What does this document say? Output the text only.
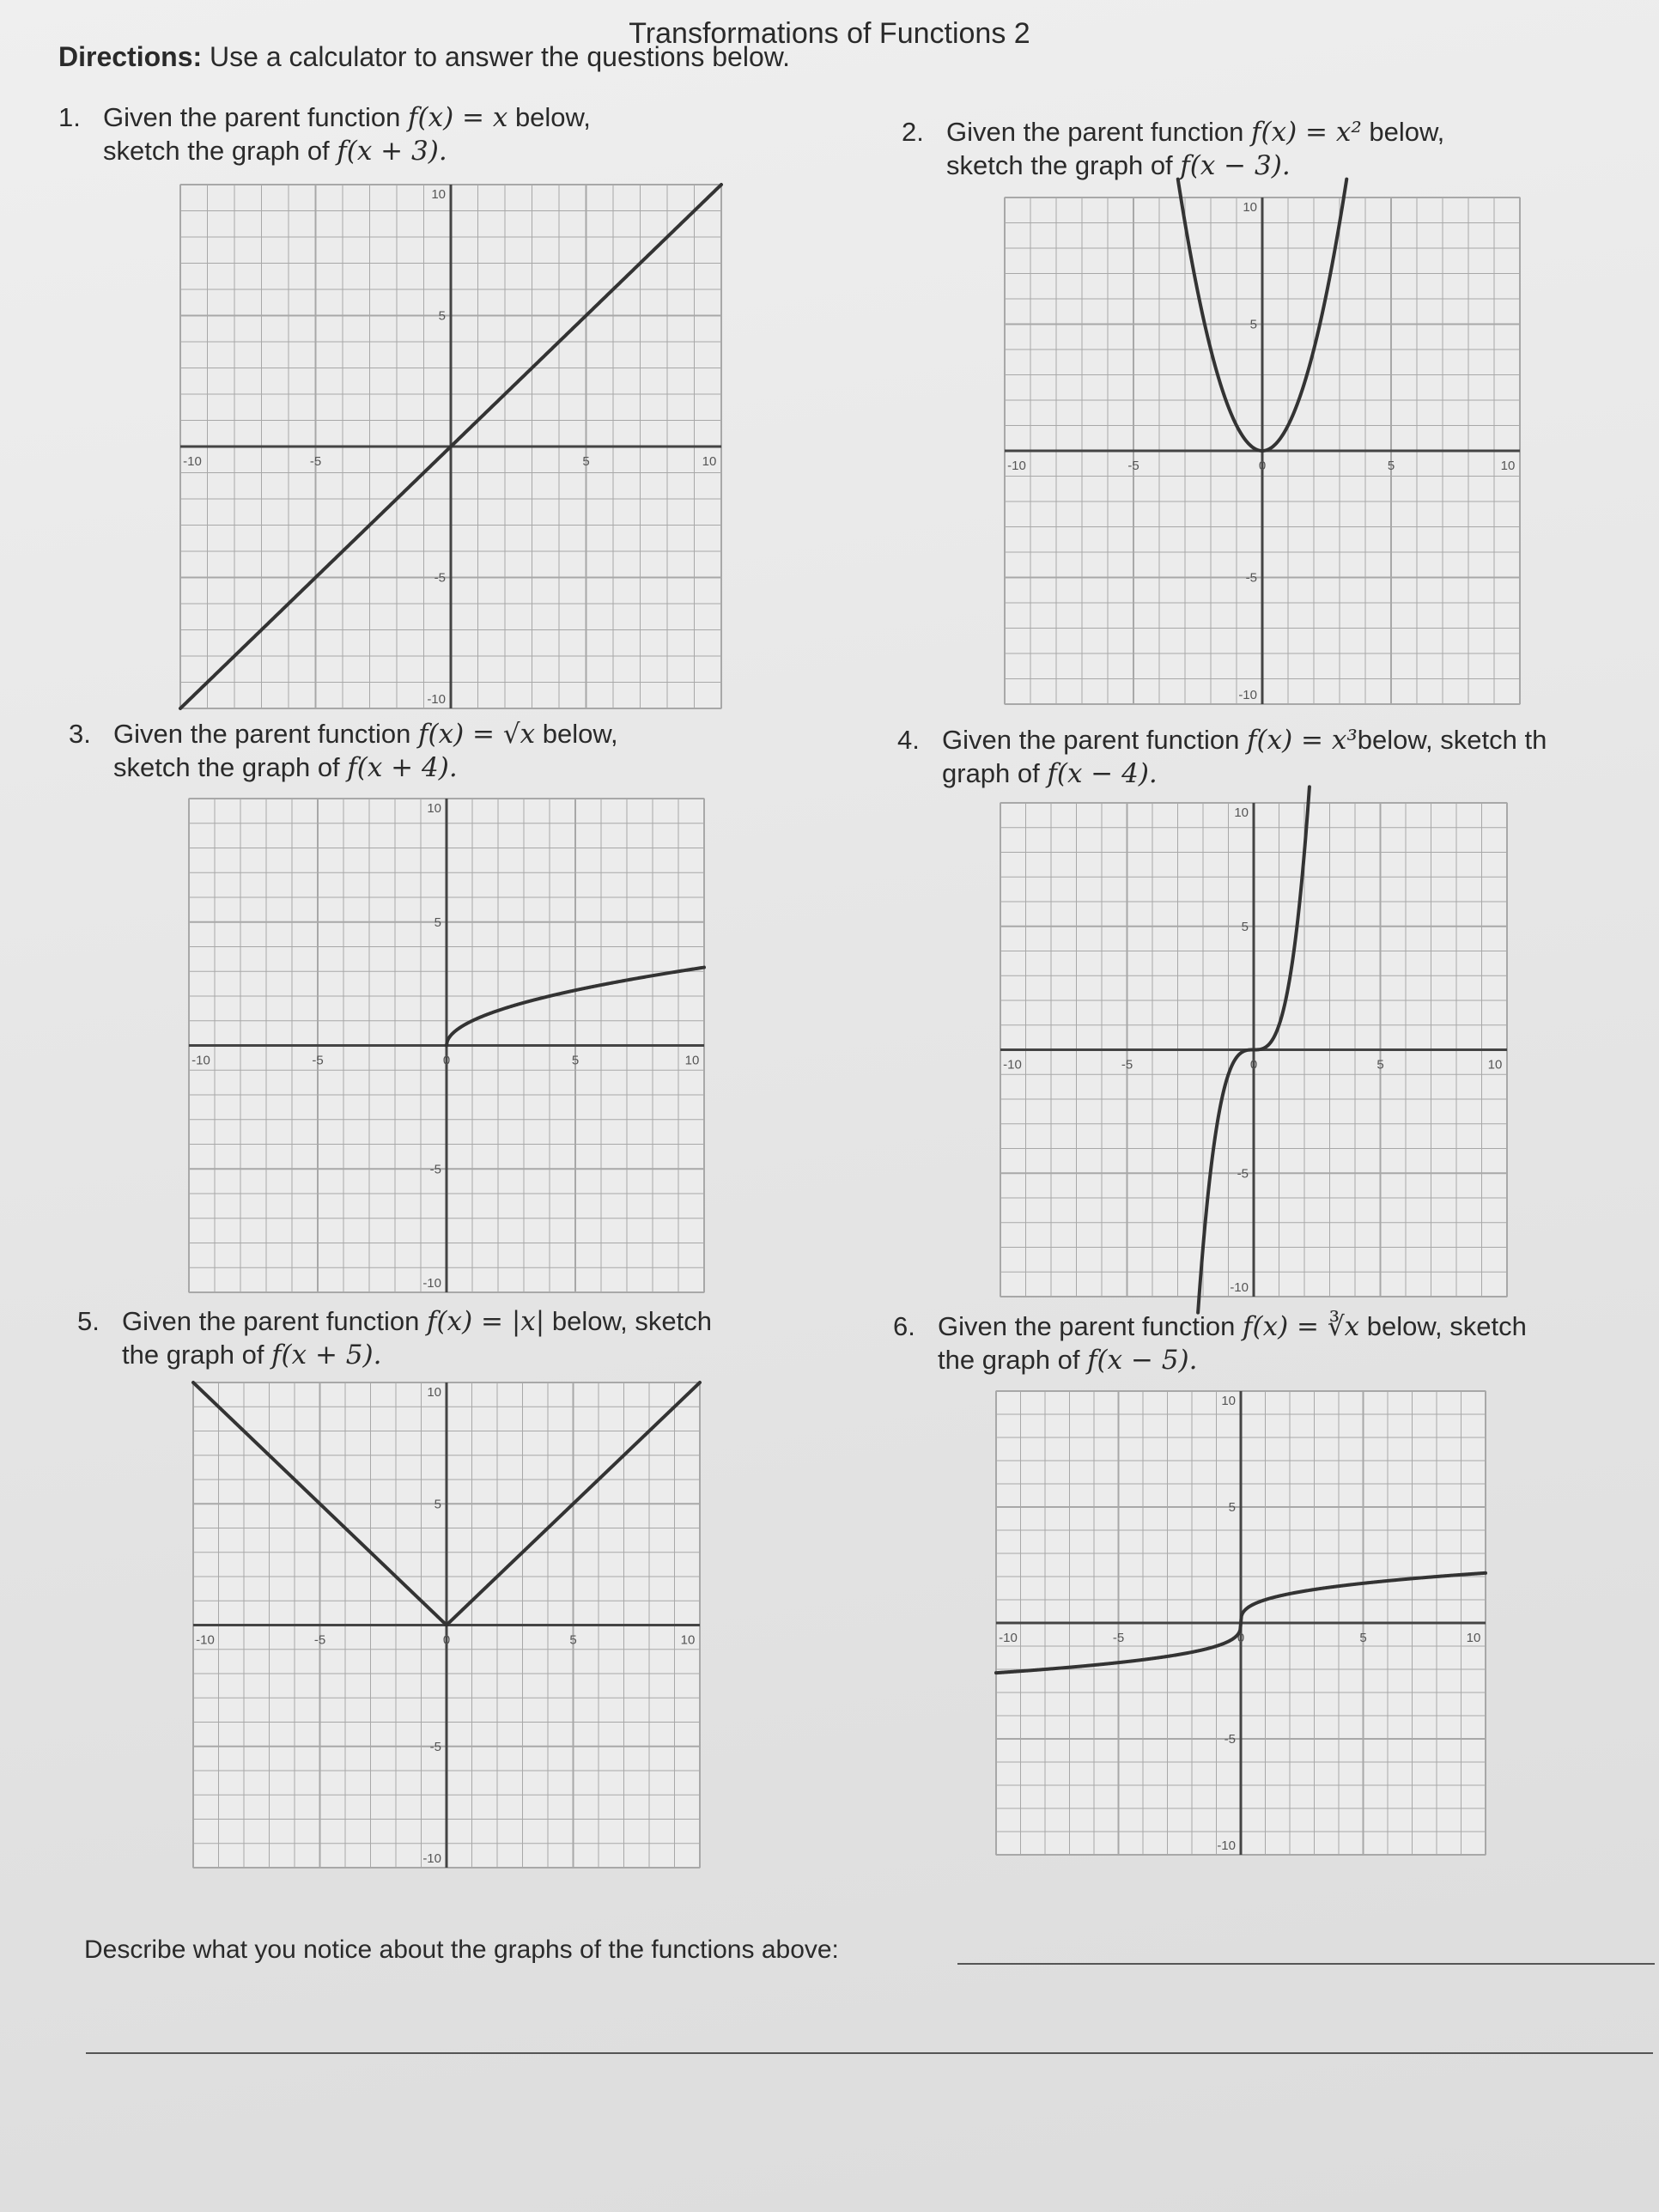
Transformations of Functions 2
Directions: Use a calculator to answer the questions below.
1. Given the parent function f(x) = x below,
sketch the graph of f(x + 3).
2. Given the parent function f(x) = x² below,
sketch the graph of f(x − 3).
3. Given the parent function f(x) = √x below,
sketch the graph of f(x + 4).
4. Given the parent function f(x) = x³below, sketch th
graph of f(x − 4).
5. Given the parent function f(x) = |x| below, sketch
the graph of f(x + 5).
6. Given the parent function f(x) = ∛x below, sketch
the graph of f(x − 5).
-10	-5	5	10
10
5
-5
-10
-10	-5	0	5	10
10
5
-5
-10
-10	-5	0	5	10
10
5
-5
-10
-10	-5	0	5	10
10
5
-5
-10
-10	-5	0	5	10
10
5
-5
-10
-10	-5	0	5	10
10
5
-5
-10
Describe what you notice about the graphs of the functions above:
